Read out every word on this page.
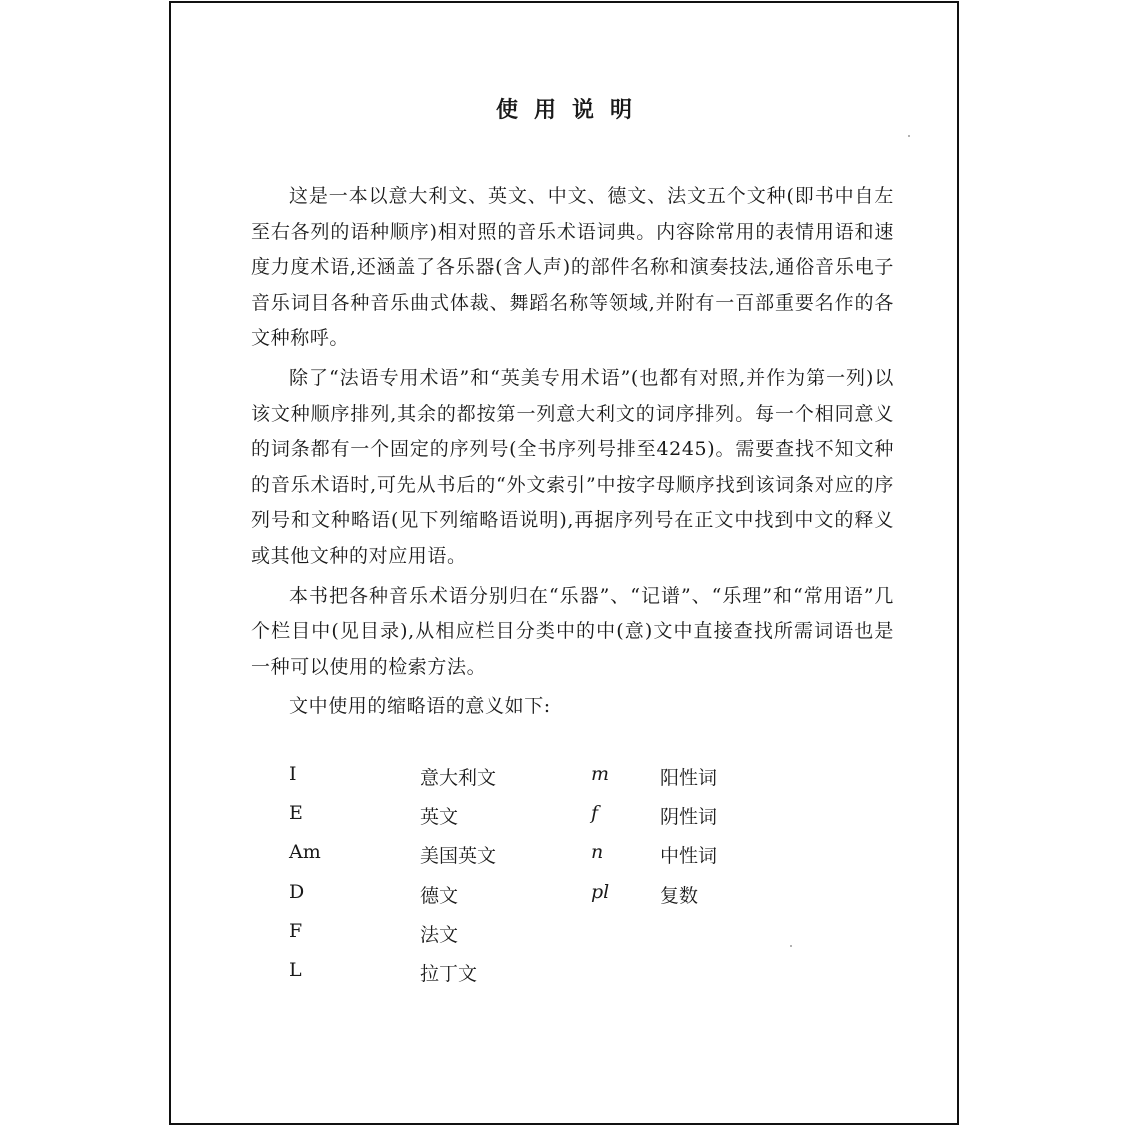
使用说明

这是一本以意大利文、英文、中文、德文、法文五个文种(即书中自左至右各列的语种顺序)相对照的音乐术语词典。内容除常用的表情用语和速度力度术语,还涵盖了各乐器(含人声)的部件名称和演奏技法,通俗音乐电子音乐词目各种音乐曲式体裁、舞蹈名称等领域,并附有一百部重要名作的各文种称呼。

除了“法语专用术语”和“英美专用术语”(也都有对照,并作为第一列)以该文种顺序排列,其余的都按第一列意大利文的词序排列。每一个相同意义的词条都有一个固定的序列号(全书序列号排至4245)。需要查找不知文种的音乐术语时,可先从书后的“外文索引”中按字母顺序找到该词条对应的序列号和文种略语(见下列缩略语说明),再据序列号在正文中找到中文的释义或其他文种的对应用语。

本书把各种音乐术语分别归在“乐器”、“记谱”、“乐理”和“常用语”几个栏目中(见目录),从相应栏目分类中的中(意)文中直接查找所需词语也是一种可以使用的检索方法。

文中使用的缩略语的意义如下:

I	意大利文	m	阳性词
E	英文	f	阴性词
Am	美国英文	n	中性词
D	德文	pl	复数
F	法文
L	拉丁文
